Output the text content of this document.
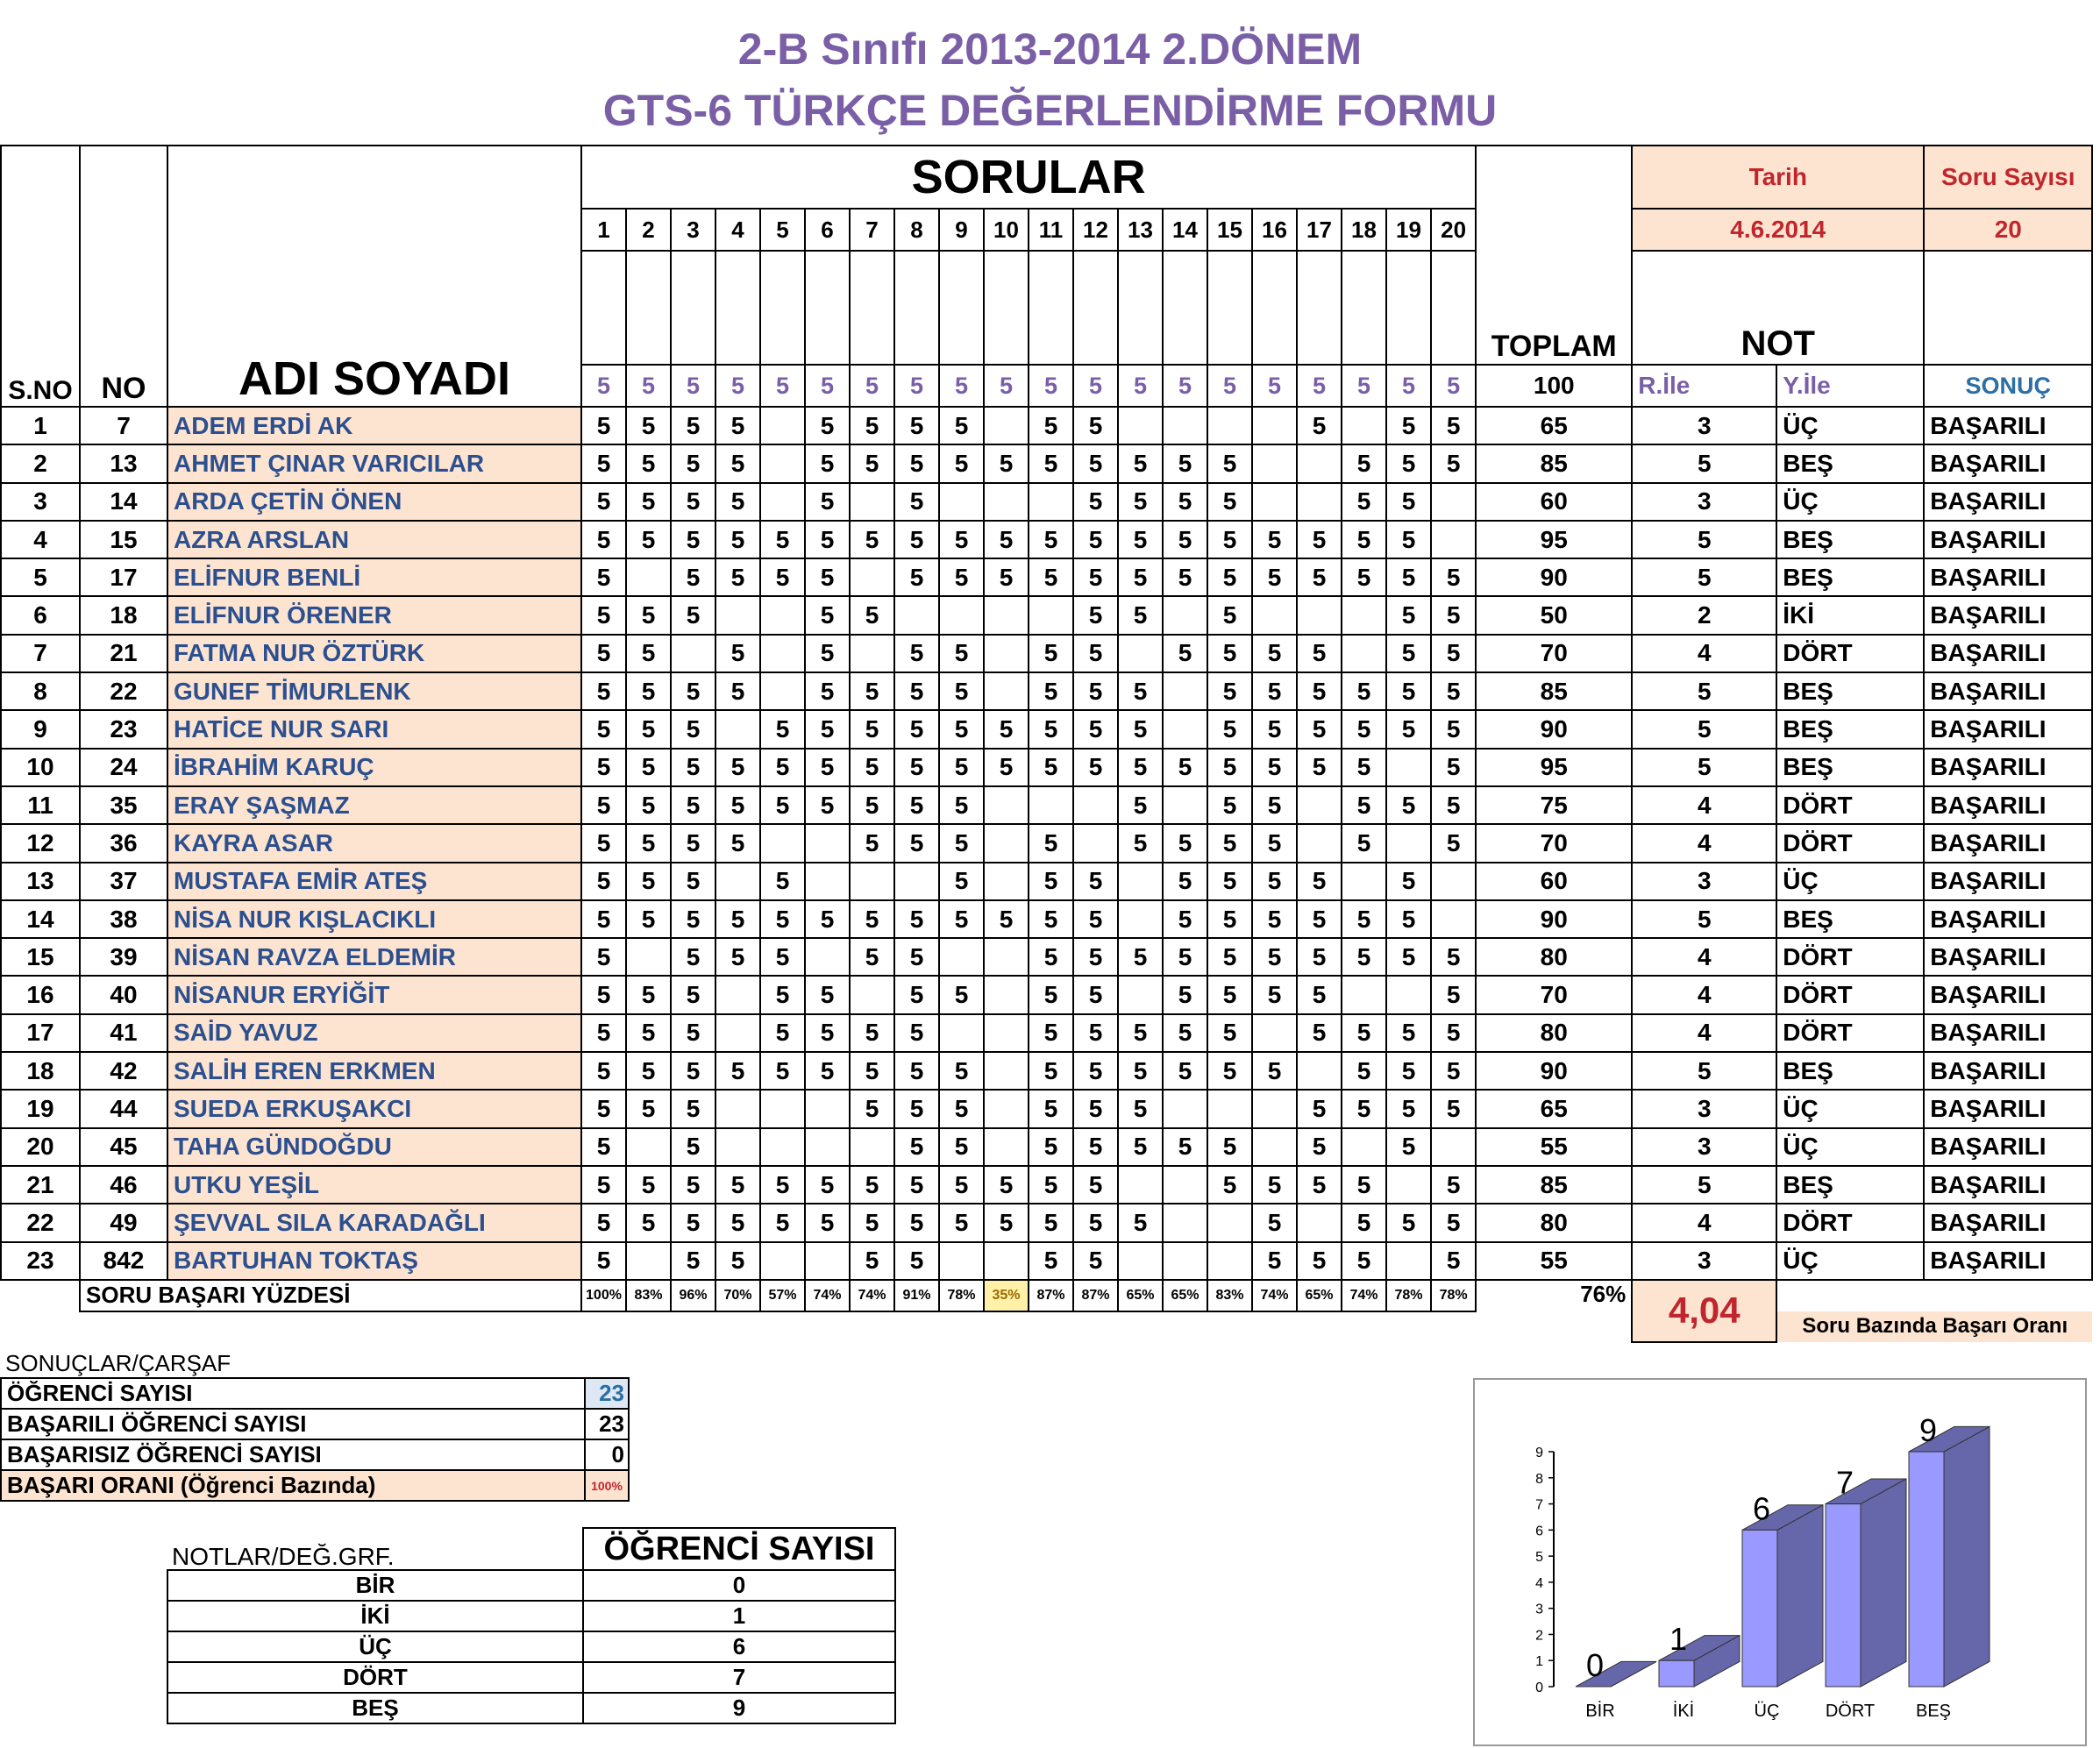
2-B Sınıfı 2013-2014 2.DÖNEM
GTS-6 TÜRKÇE DEĞERLENDİRME FORMU
S.NO	NO	ADI SOYADI	SORULAR																				TOPLAM	Tarih		Soru Sayısı
			1	2	3	4	5	6	7	8	9	10	11	12	13	14	15	16	17	18	19	20		4.6.2014		20
																								NOT		
			5	5	5	5	5	5	5	5	5	5	5	5	5	5	5	5	5	5	5	5	100	R.İle	Y.İle	SONUÇ
1	7	ADEM ERDİ AK	5	5	5	5		5	5	5	5		5	5					5		5	5	65	3	ÜÇ	BAŞARILI
2	13	AHMET ÇINAR VARICILAR	5	5	5	5		5	5	5	5	5	5	5	5	5	5			5	5	5	85	5	BEŞ	BAŞARILI
3	14	ARDA ÇETİN ÖNEN	5	5	5	5		5		5				5	5	5	5			5	5		60	3	ÜÇ	BAŞARILI
4	15	AZRA ARSLAN	5	5	5	5	5	5	5	5	5	5	5	5	5	5	5	5	5	5	5		95	5	BEŞ	BAŞARILI
5	17	ELİFNUR BENLİ	5		5	5	5	5		5	5	5	5	5	5	5	5	5	5	5	5	5	90	5	BEŞ	BAŞARILI
6	18	ELİFNUR ÖRENER	5	5	5			5	5					5	5		5				5	5	50	2	İKİ	BAŞARILI
7	21	FATMA NUR ÖZTÜRK	5	5		5		5		5	5		5	5		5	5	5	5		5	5	70	4	DÖRT	BAŞARILI
8	22	GUNEF TİMURLENK	5	5	5	5		5	5	5	5		5	5	5		5	5	5	5	5	5	85	5	BEŞ	BAŞARILI
9	23	HATİCE NUR SARI	5	5	5		5	5	5	5	5	5	5	5	5		5	5	5	5	5	5	90	5	BEŞ	BAŞARILI
10	24	İBRAHİM KARUÇ	5	5	5	5	5	5	5	5	5	5	5	5	5	5	5	5	5	5		5	95	5	BEŞ	BAŞARILI
11	35	ERAY ŞAŞMAZ	5	5	5	5	5	5	5	5	5				5		5	5		5	5	5	75	4	DÖRT	BAŞARILI
12	36	KAYRA ASAR	5	5	5	5			5	5	5		5		5	5	5	5		5		5	70	4	DÖRT	BAŞARILI
13	37	MUSTAFA EMİR ATEŞ	5	5	5		5				5		5	5		5	5	5	5		5		60	3	ÜÇ	BAŞARILI
14	38	NİSA NUR KIŞLACIKLI	5	5	5	5	5	5	5	5	5	5	5	5		5	5	5	5	5	5		90	5	BEŞ	BAŞARILI
15	39	NİSAN RAVZA ELDEMİR	5		5	5	5		5	5			5	5	5	5	5	5	5	5	5	5	80	4	DÖRT	BAŞARILI
16	40	NİSANUR ERYİĞİT	5	5	5		5	5		5	5		5	5		5	5	5	5			5	70	4	DÖRT	BAŞARILI
17	41	SAİD YAVUZ	5	5	5		5	5	5	5			5	5	5	5	5		5	5	5	5	80	4	DÖRT	BAŞARILI
18	42	SALİH EREN ERKMEN	5	5	5	5	5	5	5	5	5		5	5	5	5	5	5		5	5	5	90	5	BEŞ	BAŞARILI
19	44	SUEDA ERKUŞAKCI	5	5	5				5	5	5		5	5	5				5	5	5	5	65	3	ÜÇ	BAŞARILI
20	45	TAHA GÜNDOĞDU	5		5					5	5		5	5	5	5	5		5		5		55	3	ÜÇ	BAŞARILI
21	46	UTKU YEŞİL	5	5	5	5	5	5	5	5	5	5	5	5			5	5	5	5		5	85	5	BEŞ	BAŞARILI
22	49	ŞEVVAL SILA KARADAĞLI	5	5	5	5	5	5	5	5	5	5	5	5	5			5		5	5	5	80	4	DÖRT	BAŞARILI
23	842	BARTUHAN TOKTAŞ	5		5	5			5	5			5	5				5	5	5		5	55	3	ÜÇ	BAŞARILI
	SORU BAŞARI YÜZDESİ		100%	83%	96%	70%	57%	74%	74%	91%	78%	35%	87%	87%	65%	65%	83%	74%	65%	74%	78%	78%	76%	4,04		
																									Soru Bazında Başarı Oranı	
SONUÇLAR/ÇARŞAF
ÖĞRENCİ SAYISI	23
BAŞARILI ÖĞRENCİ SAYISI	23
BAŞARISIZ ÖĞRENCİ SAYISI	0
BAŞARI ORANI (Öğrenci Bazında)	100%
NOTLAR/DEĞ.GRF.
		ÖĞRENCİ SAYISI
BİR	0
İKİ	1
ÜÇ	6
DÖRT	7
BEŞ	9
0
1
2
3
4
5
6
7
8
9
0
BİR
1
İKİ
6
ÜÇ
7
DÖRT
9
BEŞ
